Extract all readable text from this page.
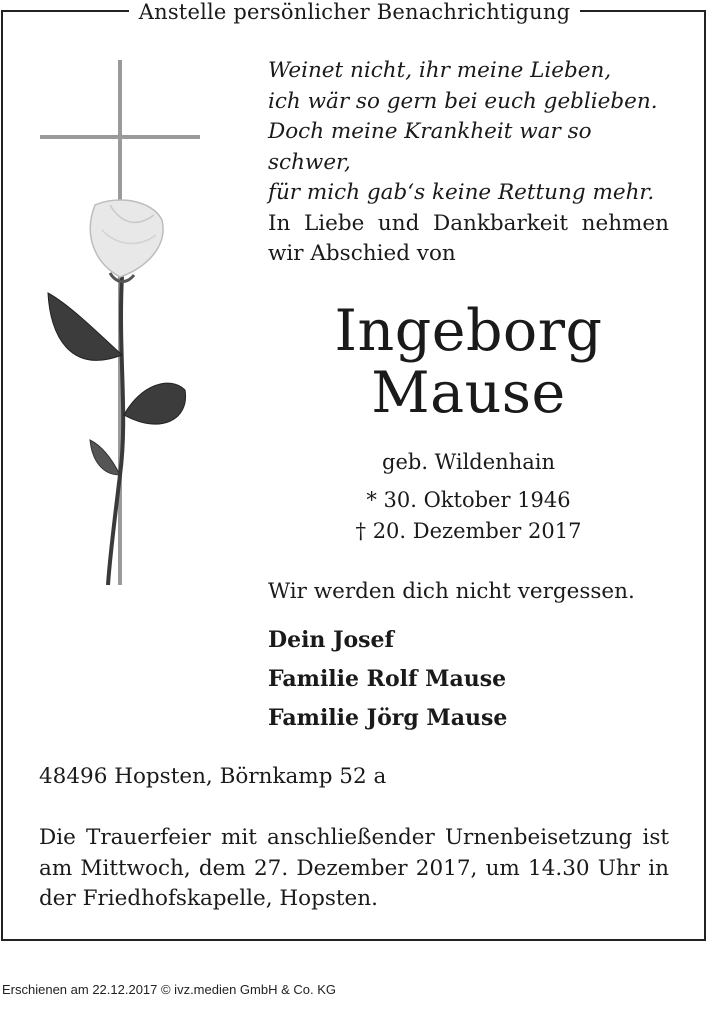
Anstelle persönlicher Benachrichtigung
Weinet nicht, ihr meine Lieben,
ich wär so gern bei euch geblieben.
Doch meine Krankheit war so schwer,
für mich gab‘s keine Rettung mehr.
In Liebe und Dankbarkeit nehmen
wir Abschied von
Ingeborg
Mause
geb. Wildenhain
* 30. Oktober 1946
† 20. Dezember 2017
Wir werden dich nicht vergessen.
Dein Josef
Familie Rolf Mause
Familie Jörg Mause
48496 Hopsten, Börnkamp 52 a
Die Trauerfeier mit anschließender Urnenbeisetzung ist am Mittwoch, dem 27. Dezember 2017, um 14.30 Uhr in der Friedhofskapelle, Hopsten.
Erschienen am 22.12.2017 © ivz.medien GmbH & Co. KG
